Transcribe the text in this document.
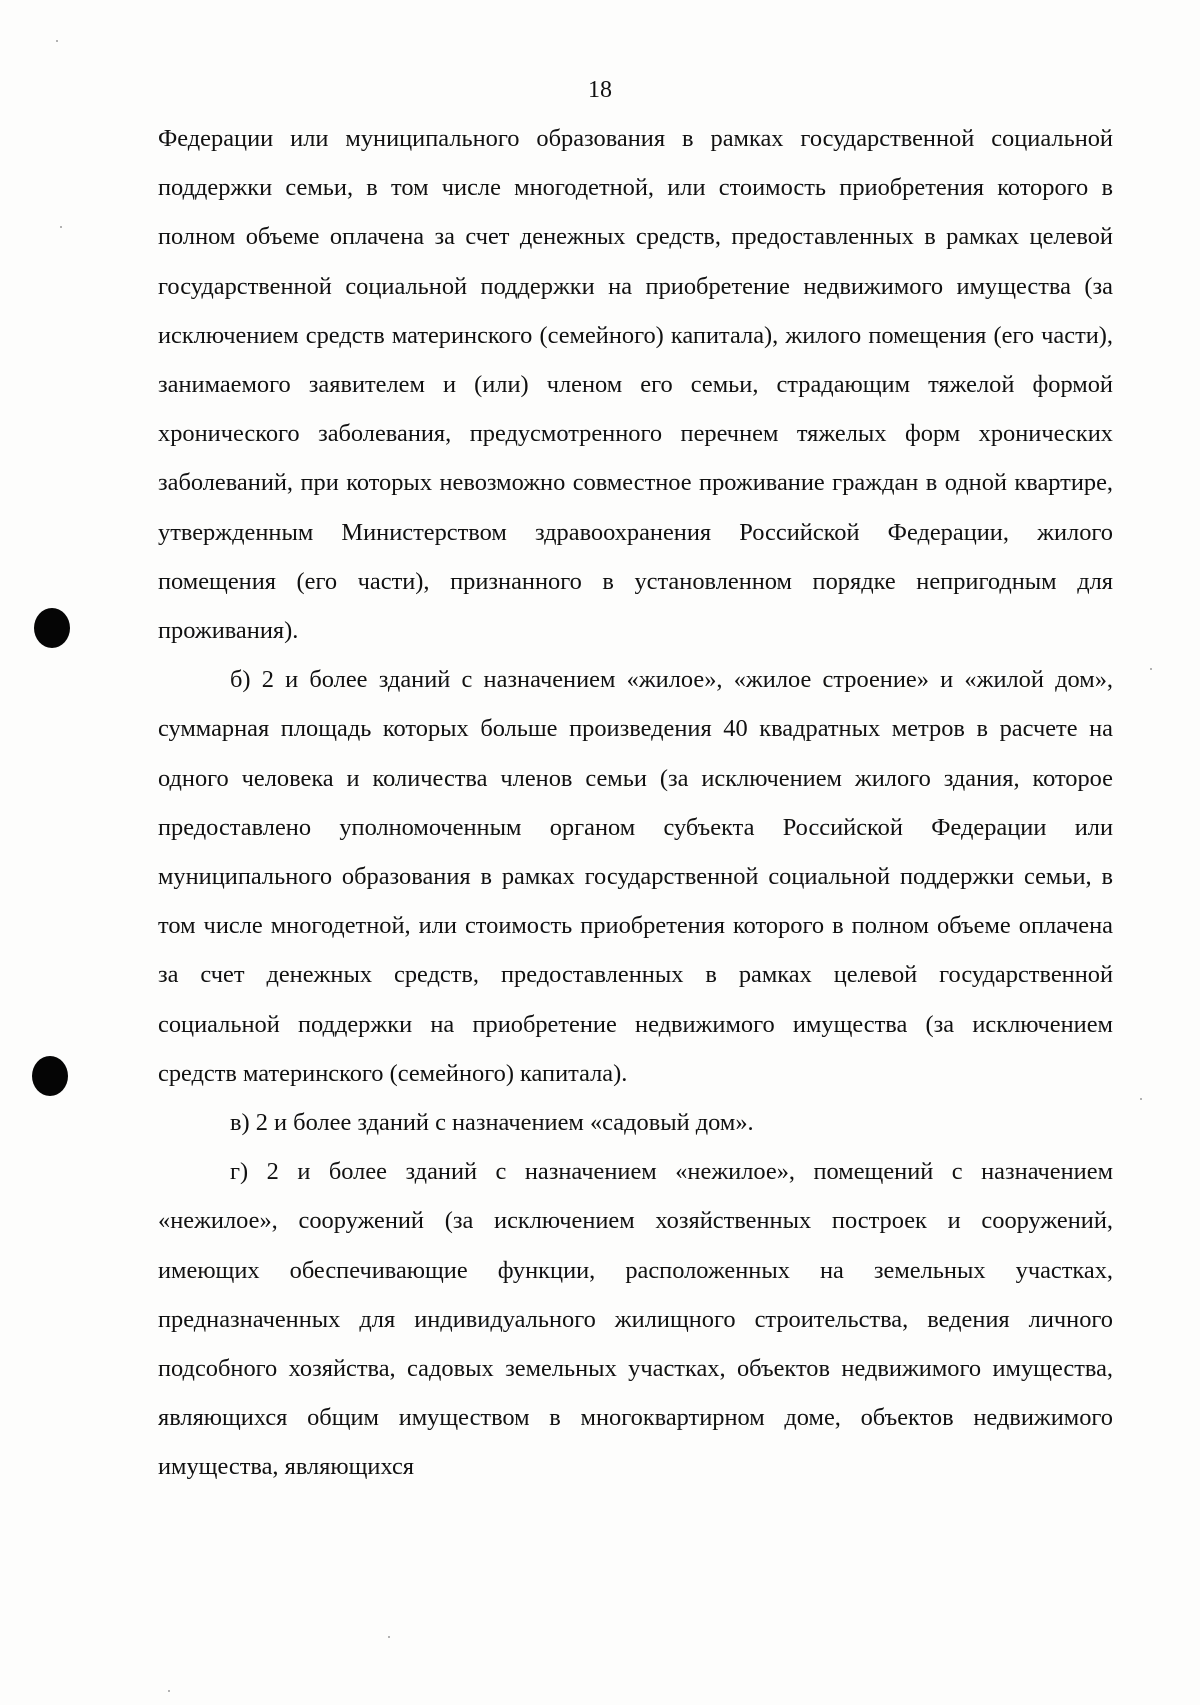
18

Федерации или муниципального образования в рамках государственной социальной поддержки семьи, в том числе многодетной, или стоимость приобретения которого в полном объеме оплачена за счет денежных средств, предоставленных в рамках целевой государственной социальной поддержки на приобретение недвижимого имущества (за исключением средств материнского (семейного) капитала), жилого помещения (его части), занимаемого заявителем и (или) членом его семьи, страдающим тяжелой формой хронического заболевания, предусмотренного перечнем тяжелых форм хронических заболеваний, при которых невозможно совместное проживание граждан в одной квартире, утвержденным Министерством здравоохранения Российской Федерации, жилого помещения (его части), признанного в установленном порядке непригодным для проживания).

б) 2 и более зданий с назначением «жилое», «жилое строение» и «жилой дом», суммарная площадь которых больше произведения 40 квадратных метров в расчете на одного человека и количества членов семьи (за исключением жилого здания, которое предоставлено уполномоченным органом субъекта Российской Федерации или муниципального образования в рамках государственной социальной поддержки семьи, в том числе многодетной, или стоимость приобретения которого в полном объеме оплачена за счет денежных средств, предоставленных в рамках целевой государственной социальной поддержки на приобретение недвижимого имущества (за исключением средств материнского (семейного) капитала).

в) 2 и более зданий с назначением «садовый дом».

г) 2 и более зданий с назначением «нежилое», помещений с назначением «нежилое», сооружений (за исключением хозяйственных построек и сооружений, имеющих обеспечивающие функции, расположенных на земельных участках, предназначенных для индивидуального жилищного строительства, ведения личного подсобного хозяйства, садовых земельных участках, объектов недвижимого имущества, являющихся общим имуществом в многоквартирном доме, объектов недвижимого имущества, являющихся
